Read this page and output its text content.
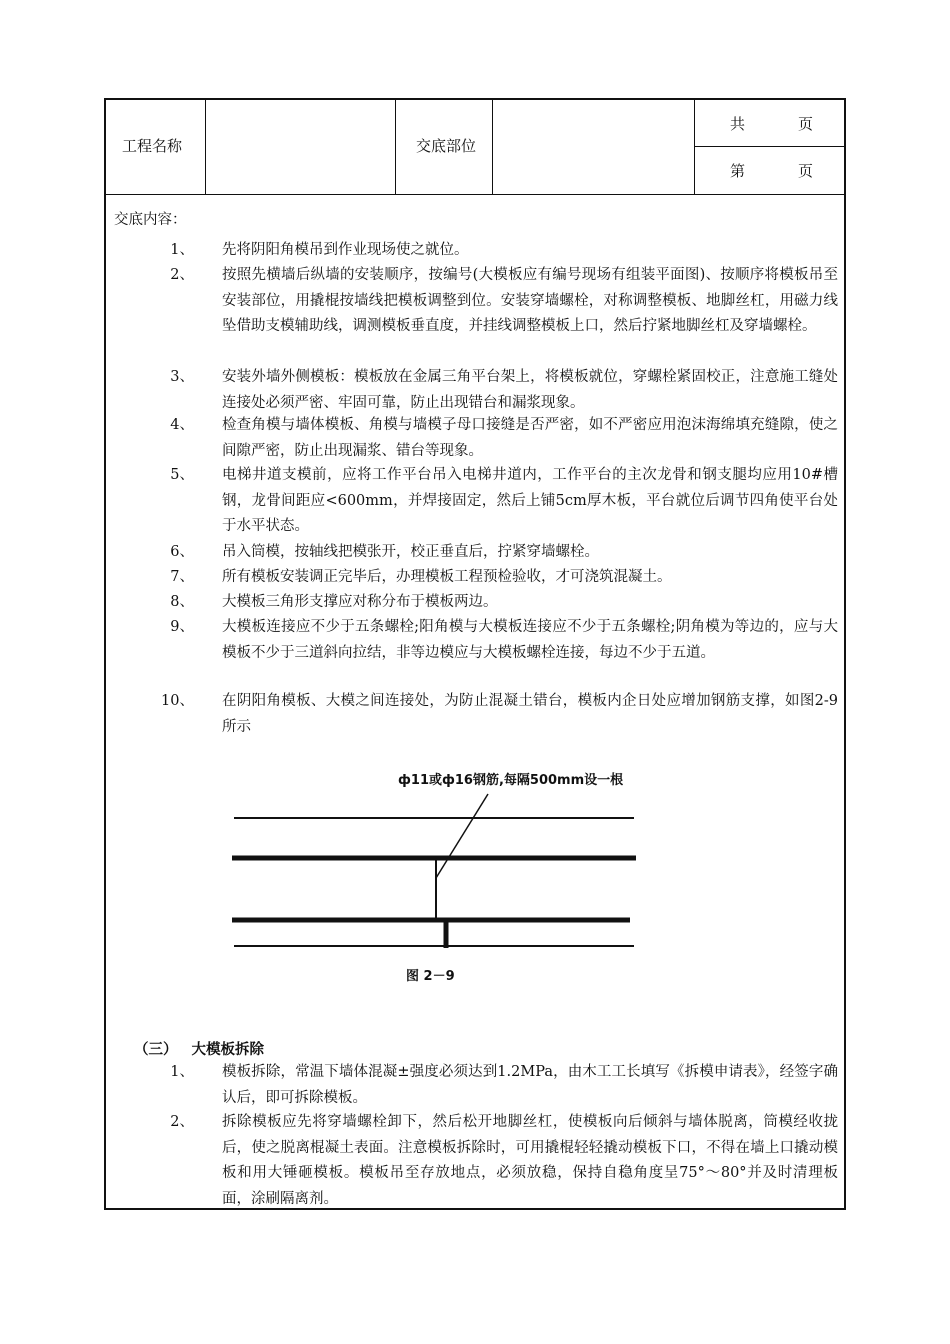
工程名称	交底部位
共	页
第	页
交底内容：
1、 先将阴阳角模吊到作业现场使之就位。
2、 按照先横墙后纵墙的安装顺序，按编号(大模板应有编号现场有组装平面图)、按顺序将模板吊至安装部位，用撬棍按墙线把模板调整到位。安装穿墙螺栓，对称调整模板、地脚丝杠，用磁力线坠借助支模辅助线，调测模板垂直度，并挂线调整模板上口，然后拧紧地脚丝杠及穿墙螺栓。
3、 安装外墙外侧模板：模板放在金属三角平台架上，将模板就位，穿螺栓紧固校正，注意施工缝处连接处必须严密、牢固可靠，防止出现错台和漏浆现象。
4、 检查角模与墙体模板、角模与墙模子母口接缝是否严密，如不严密应用泡沫海绵填充缝隙，使之间隙严密，防止出现漏浆、错台等现象。
5、 电梯井道支模前，应将工作平台吊入电梯井道内，工作平台的主次龙骨和钢支腿均应用10#槽钢，龙骨间距应<600mm，并焊接固定，然后上铺5cm厚木板，平台就位后调节四角使平台处于水平状态。
6、 吊入筒模，按轴线把模张开，校正垂直后，拧紧穿墙螺栓。
7、 所有模板安装调正完毕后，办理模板工程预检验收，才可浇筑混凝土。
8、 大模板三角形支撑应对称分布于模板两边。
9、 大模板连接应不少于五条螺栓;阳角模与大模板连接应不少于五条螺栓;阴角模为等边的，应与大模板不少于三道斜向拉结，非等边模应与大模板螺栓连接，每边不少于五道。
10、 在阴阳角模板、大模之间连接处，为防止混凝土错台，模板内企日处应增加钢筋支撑，如图2-9所示
ф11或ф16钢筋,每隔500mm设一根
图 2－9
（三） 大模板拆除
1、 模板拆除，常温下墙体混凝±强度必须达到1.2MPa，由木工工长填写《拆模申请表》，经签字确认后，即可拆除模板。
2、 拆除模板应先将穿墙螺栓卸下，然后松开地脚丝杠，使模板向后倾斜与墙体脱离，筒模经收拢后，使之脱离棍凝土表面。注意模板拆除时，可用撬棍轻轻撬动模板下口，不得在墙上口撬动模板和用大锤砸模板。模板吊至存放地点，必须放稳，保持自稳角度呈75°～80°并及时清理板面，涂刷隔离剂。
